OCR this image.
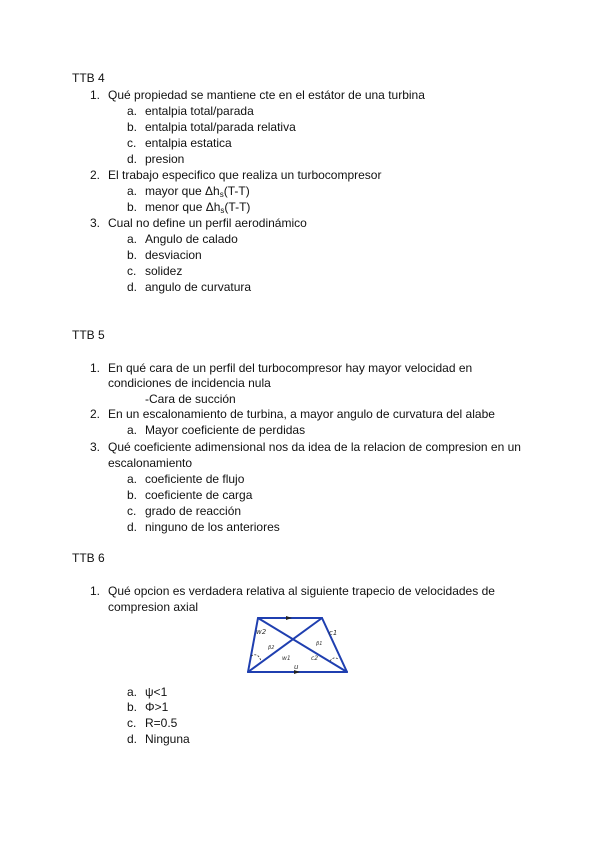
TTB 4
1. Qué propiedad se mantiene cte en el estátor de una turbina
a. entalpia total/parada
b. entalpia total/parada relativa
c. entalpia estatica
d. presion
2. El trabajo especifico que realiza un turbocompresor
a. mayor que $\Delta h_s(T-T)$
b. menor que $\Delta h_s(T-T)$
3. Cual no define un perfil aerodinámico
a. Angulo de calado
b. desviacion
c. solidez
d. angulo de curvatura
TTB 5
1. En qué cara de un perfil del turbocompresor hay mayor velocidad en
condiciones de incidencia nula
-Cara de succión
2. En un escalonamiento de turbina, a mayor angulo de curvatura del alabe
a. Mayor coeficiente de perdidas
3. Qué coeficiente adimensional nos da idea de la relacion de compresion en un
escalonamiento
a. coeficiente de flujo
b. coeficiente de carga
c. grado de reacción
d. ninguno de los anteriores
TTB 6
1. Qué opcion es verdadera relativa al siguiente trapecio de velocidades de
compresion axial
w2	c1
β2
β1
w1	c2
u
a. ψ<1
b. Φ>1
c. R=0.5
d. Ninguna
